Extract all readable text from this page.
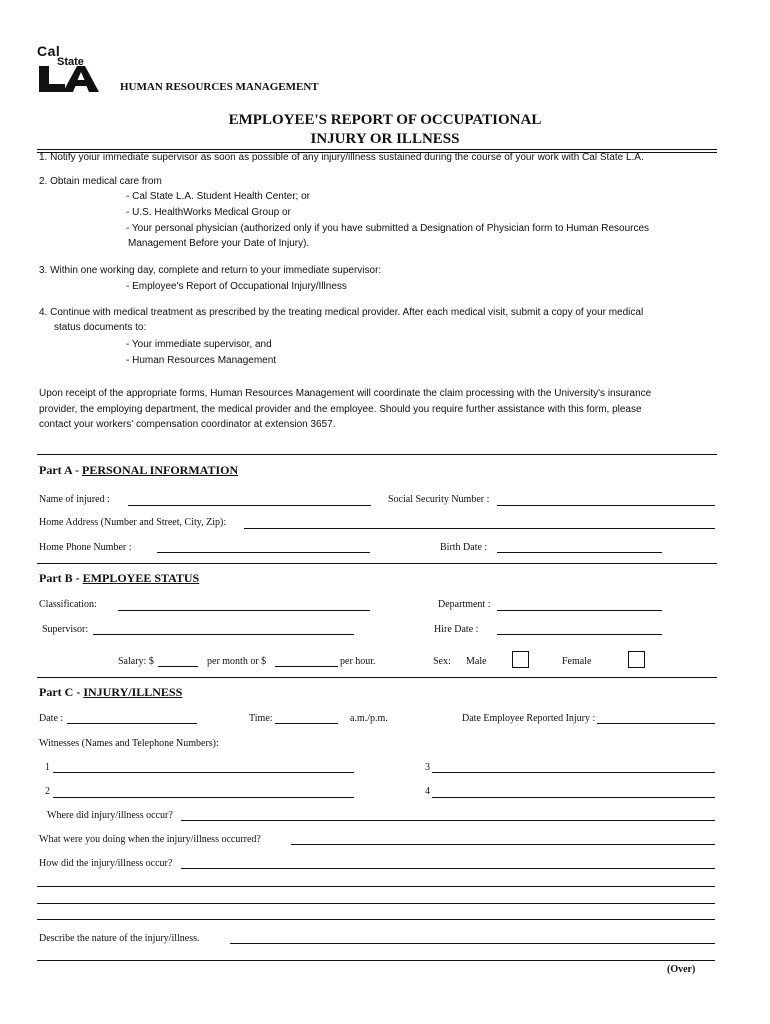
Cal
State
HUMAN RESOURCES MANAGEMENT
EMPLOYEE'S REPORT OF OCCUPATIONAL
INJURY OR ILLNESS
1. Notify yoiur immediate supervisor as soon as possible of any injury/illness sustained during the course of your work with Cal State L.A.
2. Obtain medical care from
- Cal State L.A. Student Health Center; or
- U.S. HealthWorks Medical Group or
- Your personal physician (authorized only if you have submitted a Designation of Physician form to Human Resources
Management Before your Date of Injury).
3. Within one working day, complete and return to your immediate supervisor:
- Employee's Report of Occupational Injury/Illness
4. Continue with medical treatment as prescribed by the treating medical provider. After each medical visit, submit a copy of your medical
status documents to:
- Your immediate supervisor, and
- Human Resources Management
Upon receipt of the appropriate forms, Human Resources Management will coordinate the claim processing with the University's insurance
provider, the employing department, the medical provider and the employee. Should you require further assistance with this form, please
contact your workers' compensation coordinator at extension 3657.
Part A - PERSONAL INFORMATION
Name of injured :	Social Security Number :
Home Address (Number and Street, City, Zip):
Home Phone Number :	Birth Date :
Part B - EMPLOYEE STATUS
Classification:	Department :
Supervisor:	Hire Date :
Salary: $	per month or $	per hour.	Sex: Male	Female
Part C - INJURY/ILLNESS
Date :	Time:	a.m./p.m.	Date Employee Reported Injury :
Witnesses (Names and Telephone Numbers):
1	3
2	4
Where did injury/illness occur?
What were you doing when the injury/illness occurred?
How did the injury/illness occur?
Describe the nature of the injury/illness.
(Over)
